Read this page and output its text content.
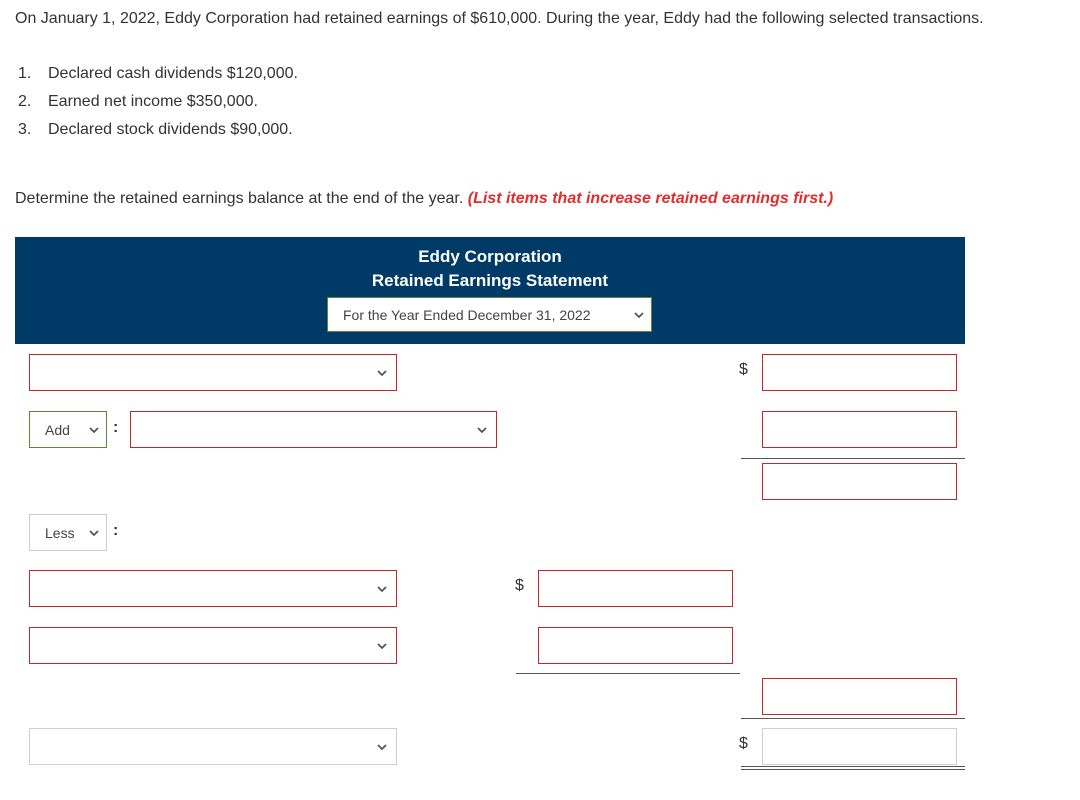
On January 1, 2022, Eddy Corporation had retained earnings of $610,000. During the year, Eddy had the following selected transactions.
1.	Declared cash dividends $120,000.
2.	Earned net income $350,000.
3.	Declared stock dividends $90,000.
Determine the retained earnings balance at the end of the year. (List items that increase retained earnings first.)
Eddy Corporation
Retained Earnings Statement
For the Year Ended December 31, 2022
$
Add	:
Less :
$
$
